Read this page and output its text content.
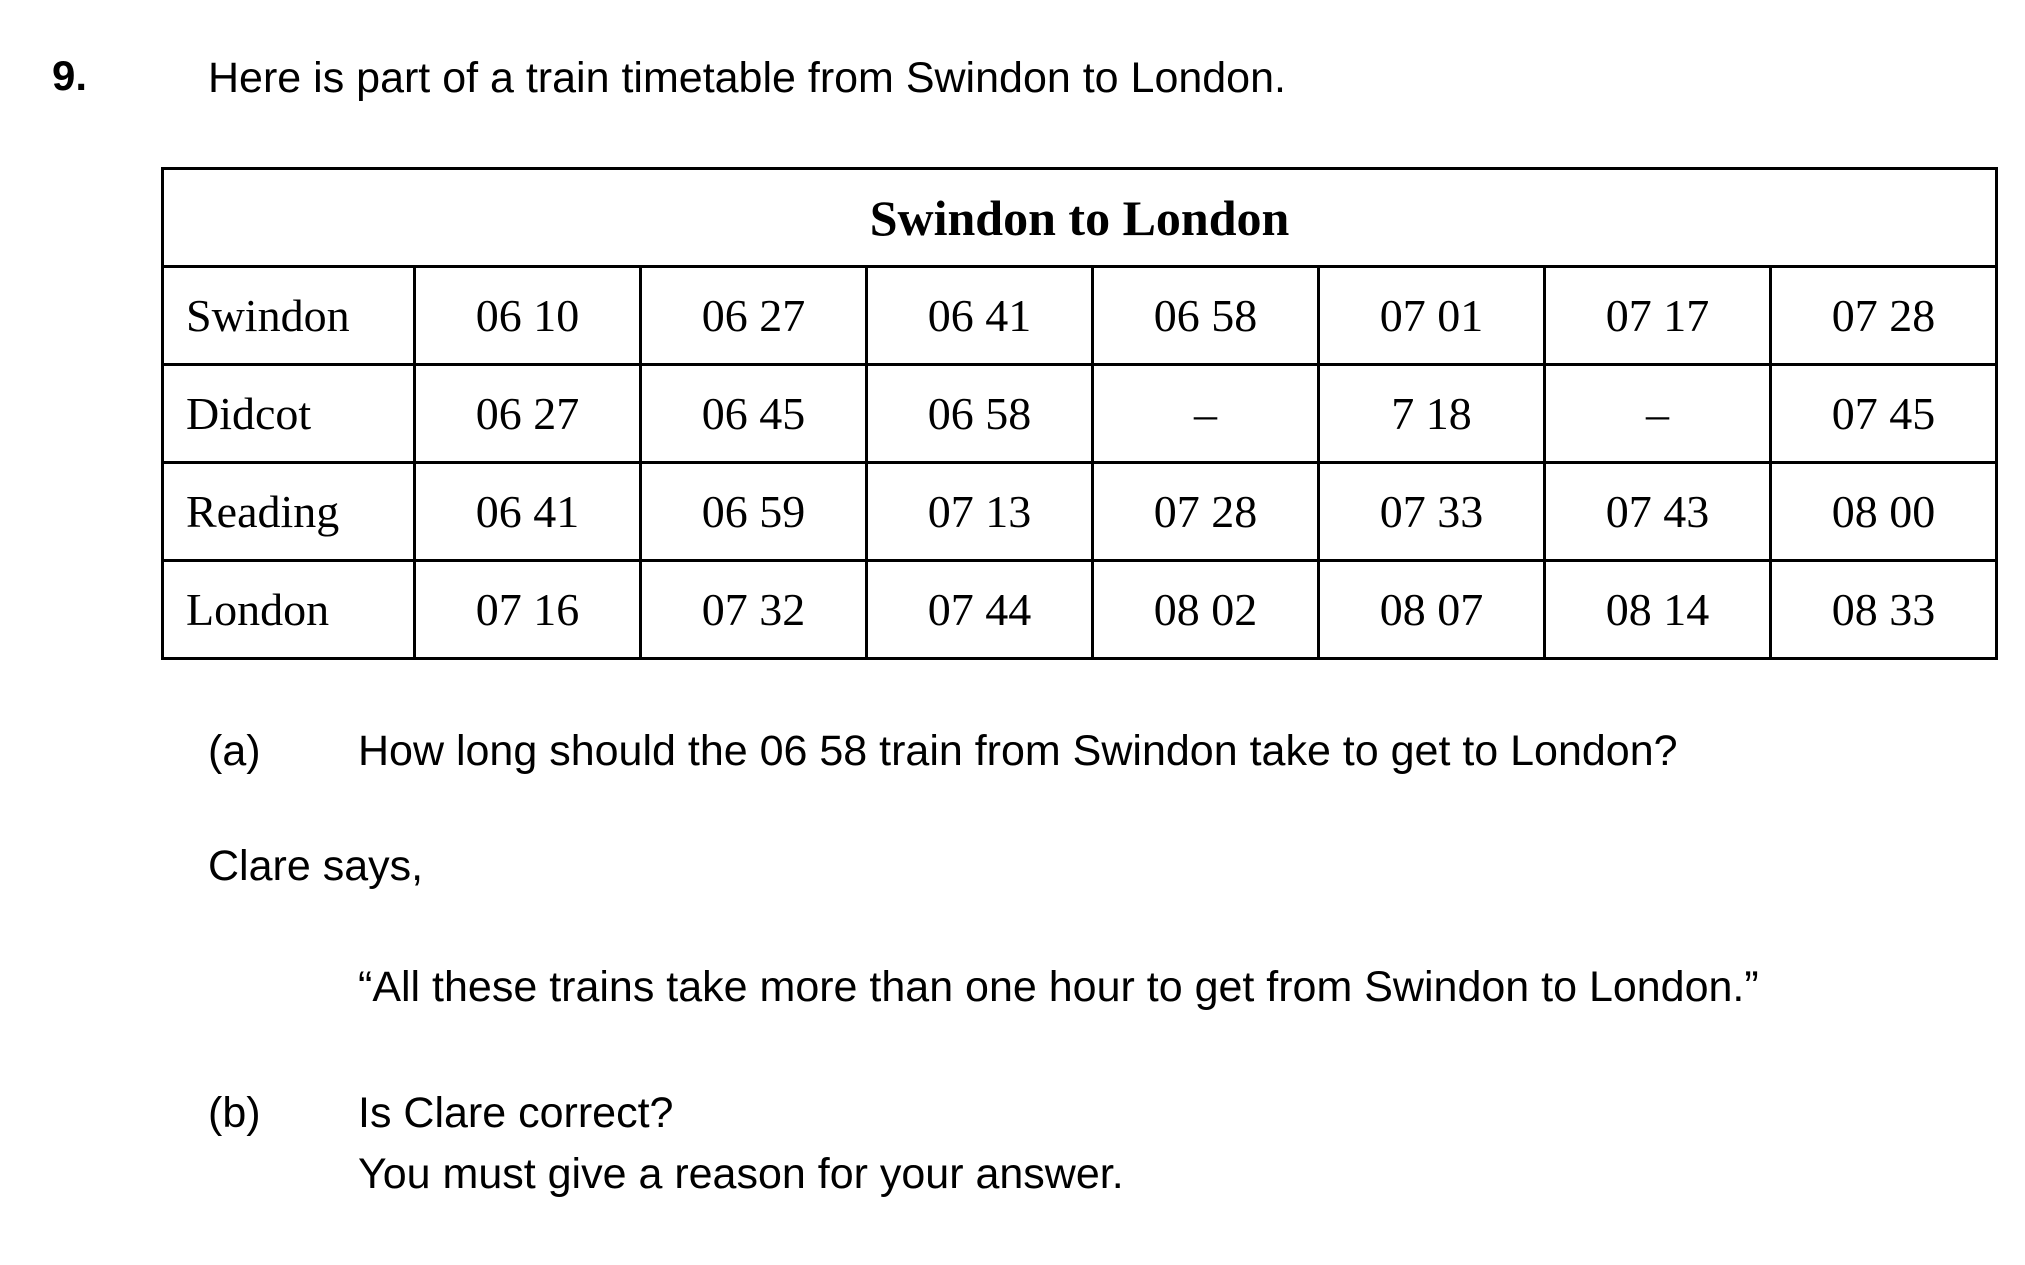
9.	Here is part of a train timetable from Swindon to London.
Swindon to London							
Swindon	06 10	06 27	06 41	06 58	07 01	07 17	07 28
Didcot	06 27	06 45	06 58	–	7 18	–	07 45
Reading	06 41	06 59	07 13	07 28	07 33	07 43	08 00
London	07 16	07 32	07 44	08 02	08 07	08 14	08 33
(a) How long should the 06 58 train from Swindon take to get to London?
Clare says,
“All these trains take more than one hour to get from Swindon to London.”
(b) Is Clare correct?
You must give a reason for your answer.
